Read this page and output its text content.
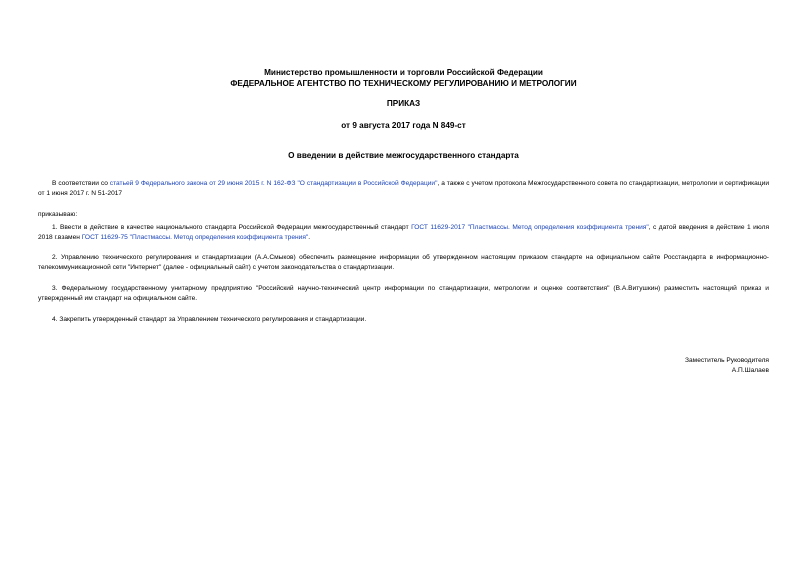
Министерство промышленности и торговли Российской Федерации

ФЕДЕРАЛЬНОЕ АГЕНТСТВО ПО ТЕХНИЧЕСКОМУ РЕГУЛИРОВАНИЮ И МЕТРОЛОГИИ

ПРИКАЗ

от 9 августа 2017 года N 849-ст

О введении в действие межгосударственного стандарта

В соответствии со статьей 9 Федерального закона от 29 июня 2015 г. N 162-ФЗ "О стандартизации в Российской Федерации", а также с учетом протокола Межгосударственного совета по стандартизации, метрологии и сертификации от 1 июня 2017 г. N 51-2017

приказываю:

1. Ввести в действие в качестве национального стандарта Российской Федерации межгосударственный стандарт ГОСТ 11629-2017 "Пластмассы. Метод определения коэффициента трения", с датой введения в действие 1 июля 2018 г.взамен ГОСТ 11629-75 "Пластмассы. Метод определения коэффициента трения".

2. Управлению технического регулирования и стандартизации (А.А.Смыков) обеспечить размещение информации об утвержденном настоящим приказом стандарте на официальном сайте Росстандарта в информационно-телекоммуникационной сети "Интернет" (далее - официальный сайт) с учетом законодательства о стандартизации.

3. Федеральному государственному унитарному предприятию "Российский научно-технический центр информации по стандартизации, метрологии и оценке соответствия" (В.А.Витушкин) разместить настоящий приказ и утвержденный им стандарт на официальном сайте.

4. Закрепить утвержденный стандарт за Управлением технического регулирования и стандартизации.

Заместитель Руководителя
А.П.Шалаев
